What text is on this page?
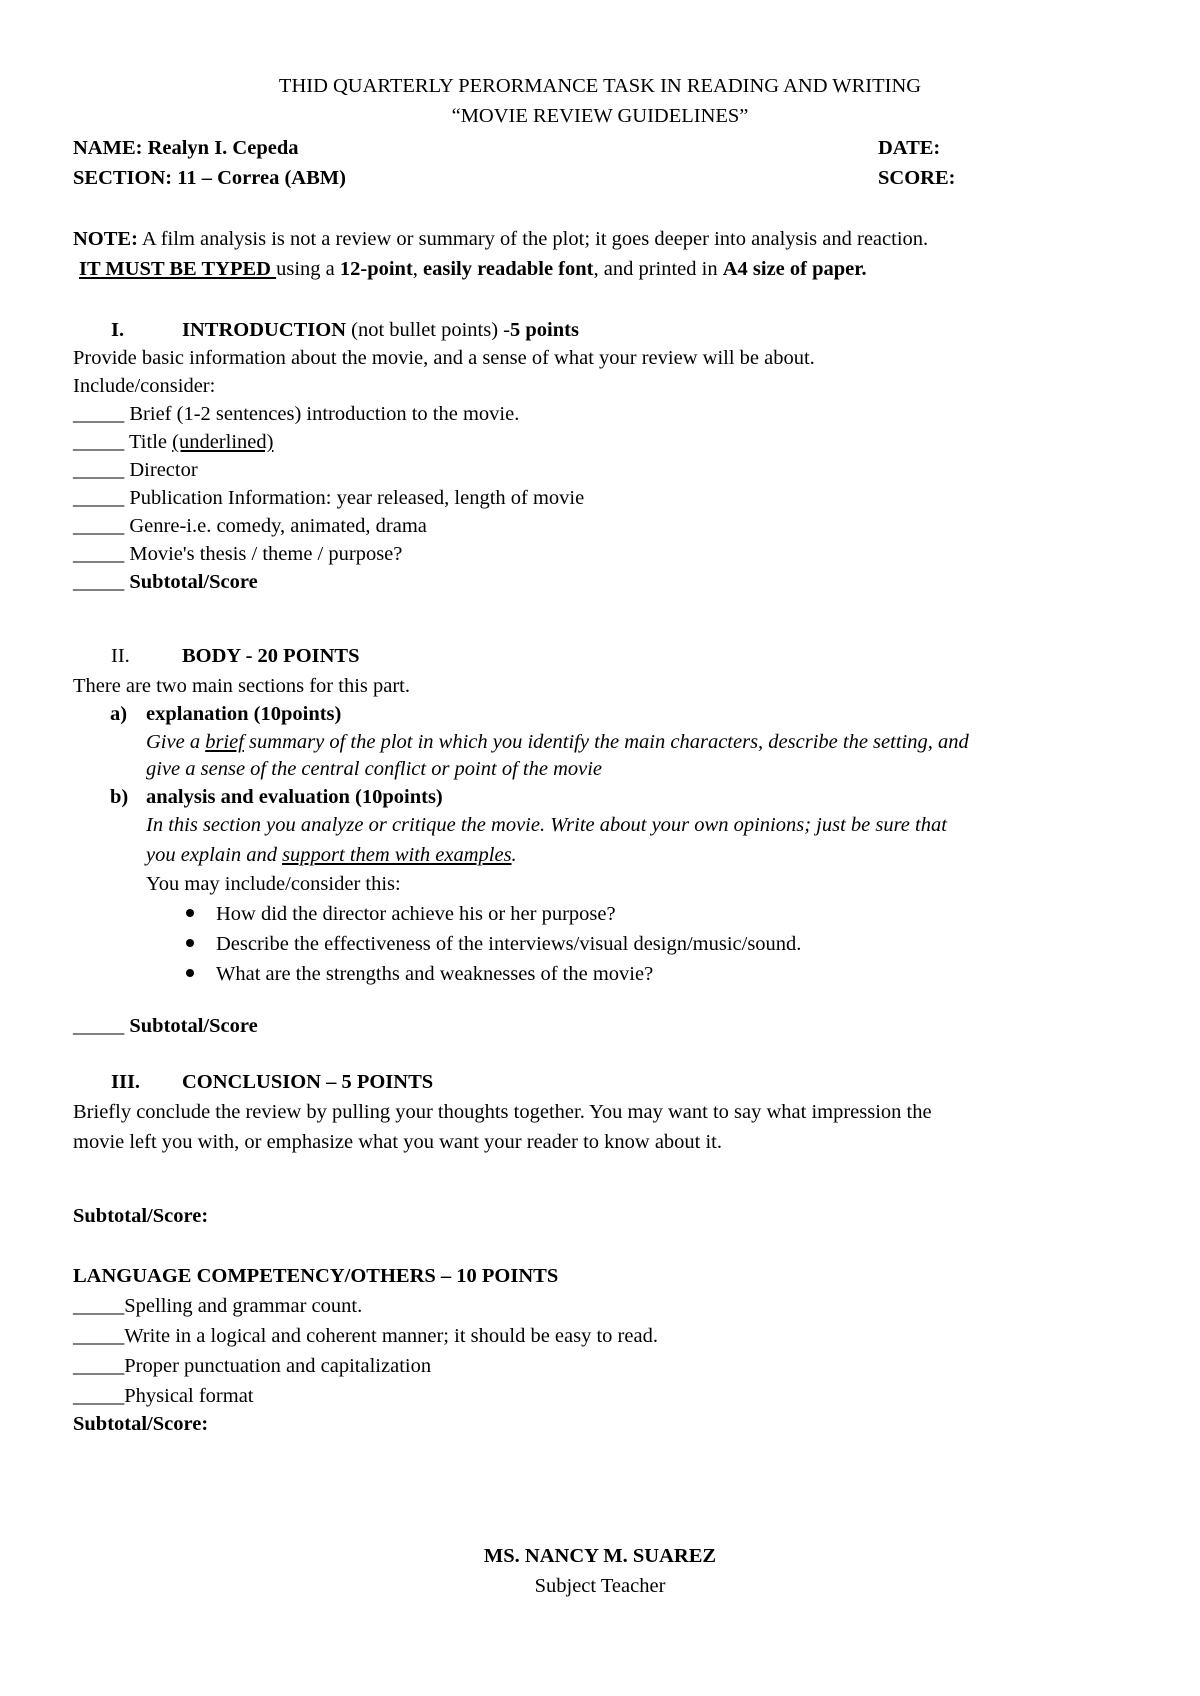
THID QUARTERLY PERORMANCE TASK IN READING AND WRITING
“MOVIE REVIEW GUIDELINES”
NAME: Realyn I. Cepeda	DATE:
SECTION: 11 – Correa (ABM)	SCORE:
NOTE: A film analysis is not a review or summary of the plot; it goes deeper into analysis and reaction.
IT MUST BE TYPED using a 12-point, easily readable font, and printed in A4 size of paper.
I.	INTRODUCTION (not bullet points) -5 points
Provide basic information about the movie, and a sense of what your review will be about.
Include/consider:
_____ Brief (1-2 sentences) introduction to the movie.
_____ Title (underlined)
_____ Director
_____ Publication Information: year released, length of movie
_____ Genre-i.e. comedy, animated, drama
_____ Movie's thesis / theme / purpose?
_____ Subtotal/Score
II.	BODY - 20 POINTS
There are two main sections for this part.
a) explanation (10points)
Give a brief summary of the plot in which you identify the main characters, describe the setting, and
give a sense of the central conflict or point of the movie
b) analysis and evaluation (10points)
In this section you analyze or critique the movie. Write about your own opinions; just be sure that
you explain and support them with examples.
You may include/consider this:
How did the director achieve his or her purpose?
Describe the effectiveness of the interviews/visual design/music/sound.
What are the strengths and weaknesses of the movie?
_____ Subtotal/Score
III. CONCLUSION – 5 POINTS
Briefly conclude the review by pulling your thoughts together. You may want to say what impression the
movie left you with, or emphasize what you want your reader to know about it.
Subtotal/Score:
LANGUAGE COMPETENCY/OTHERS – 10 POINTS
_____Spelling and grammar count.
_____Write in a logical and coherent manner; it should be easy to read.
_____Proper punctuation and capitalization
_____Physical format
Subtotal/Score:
MS. NANCY M. SUAREZ
Subject Teacher
